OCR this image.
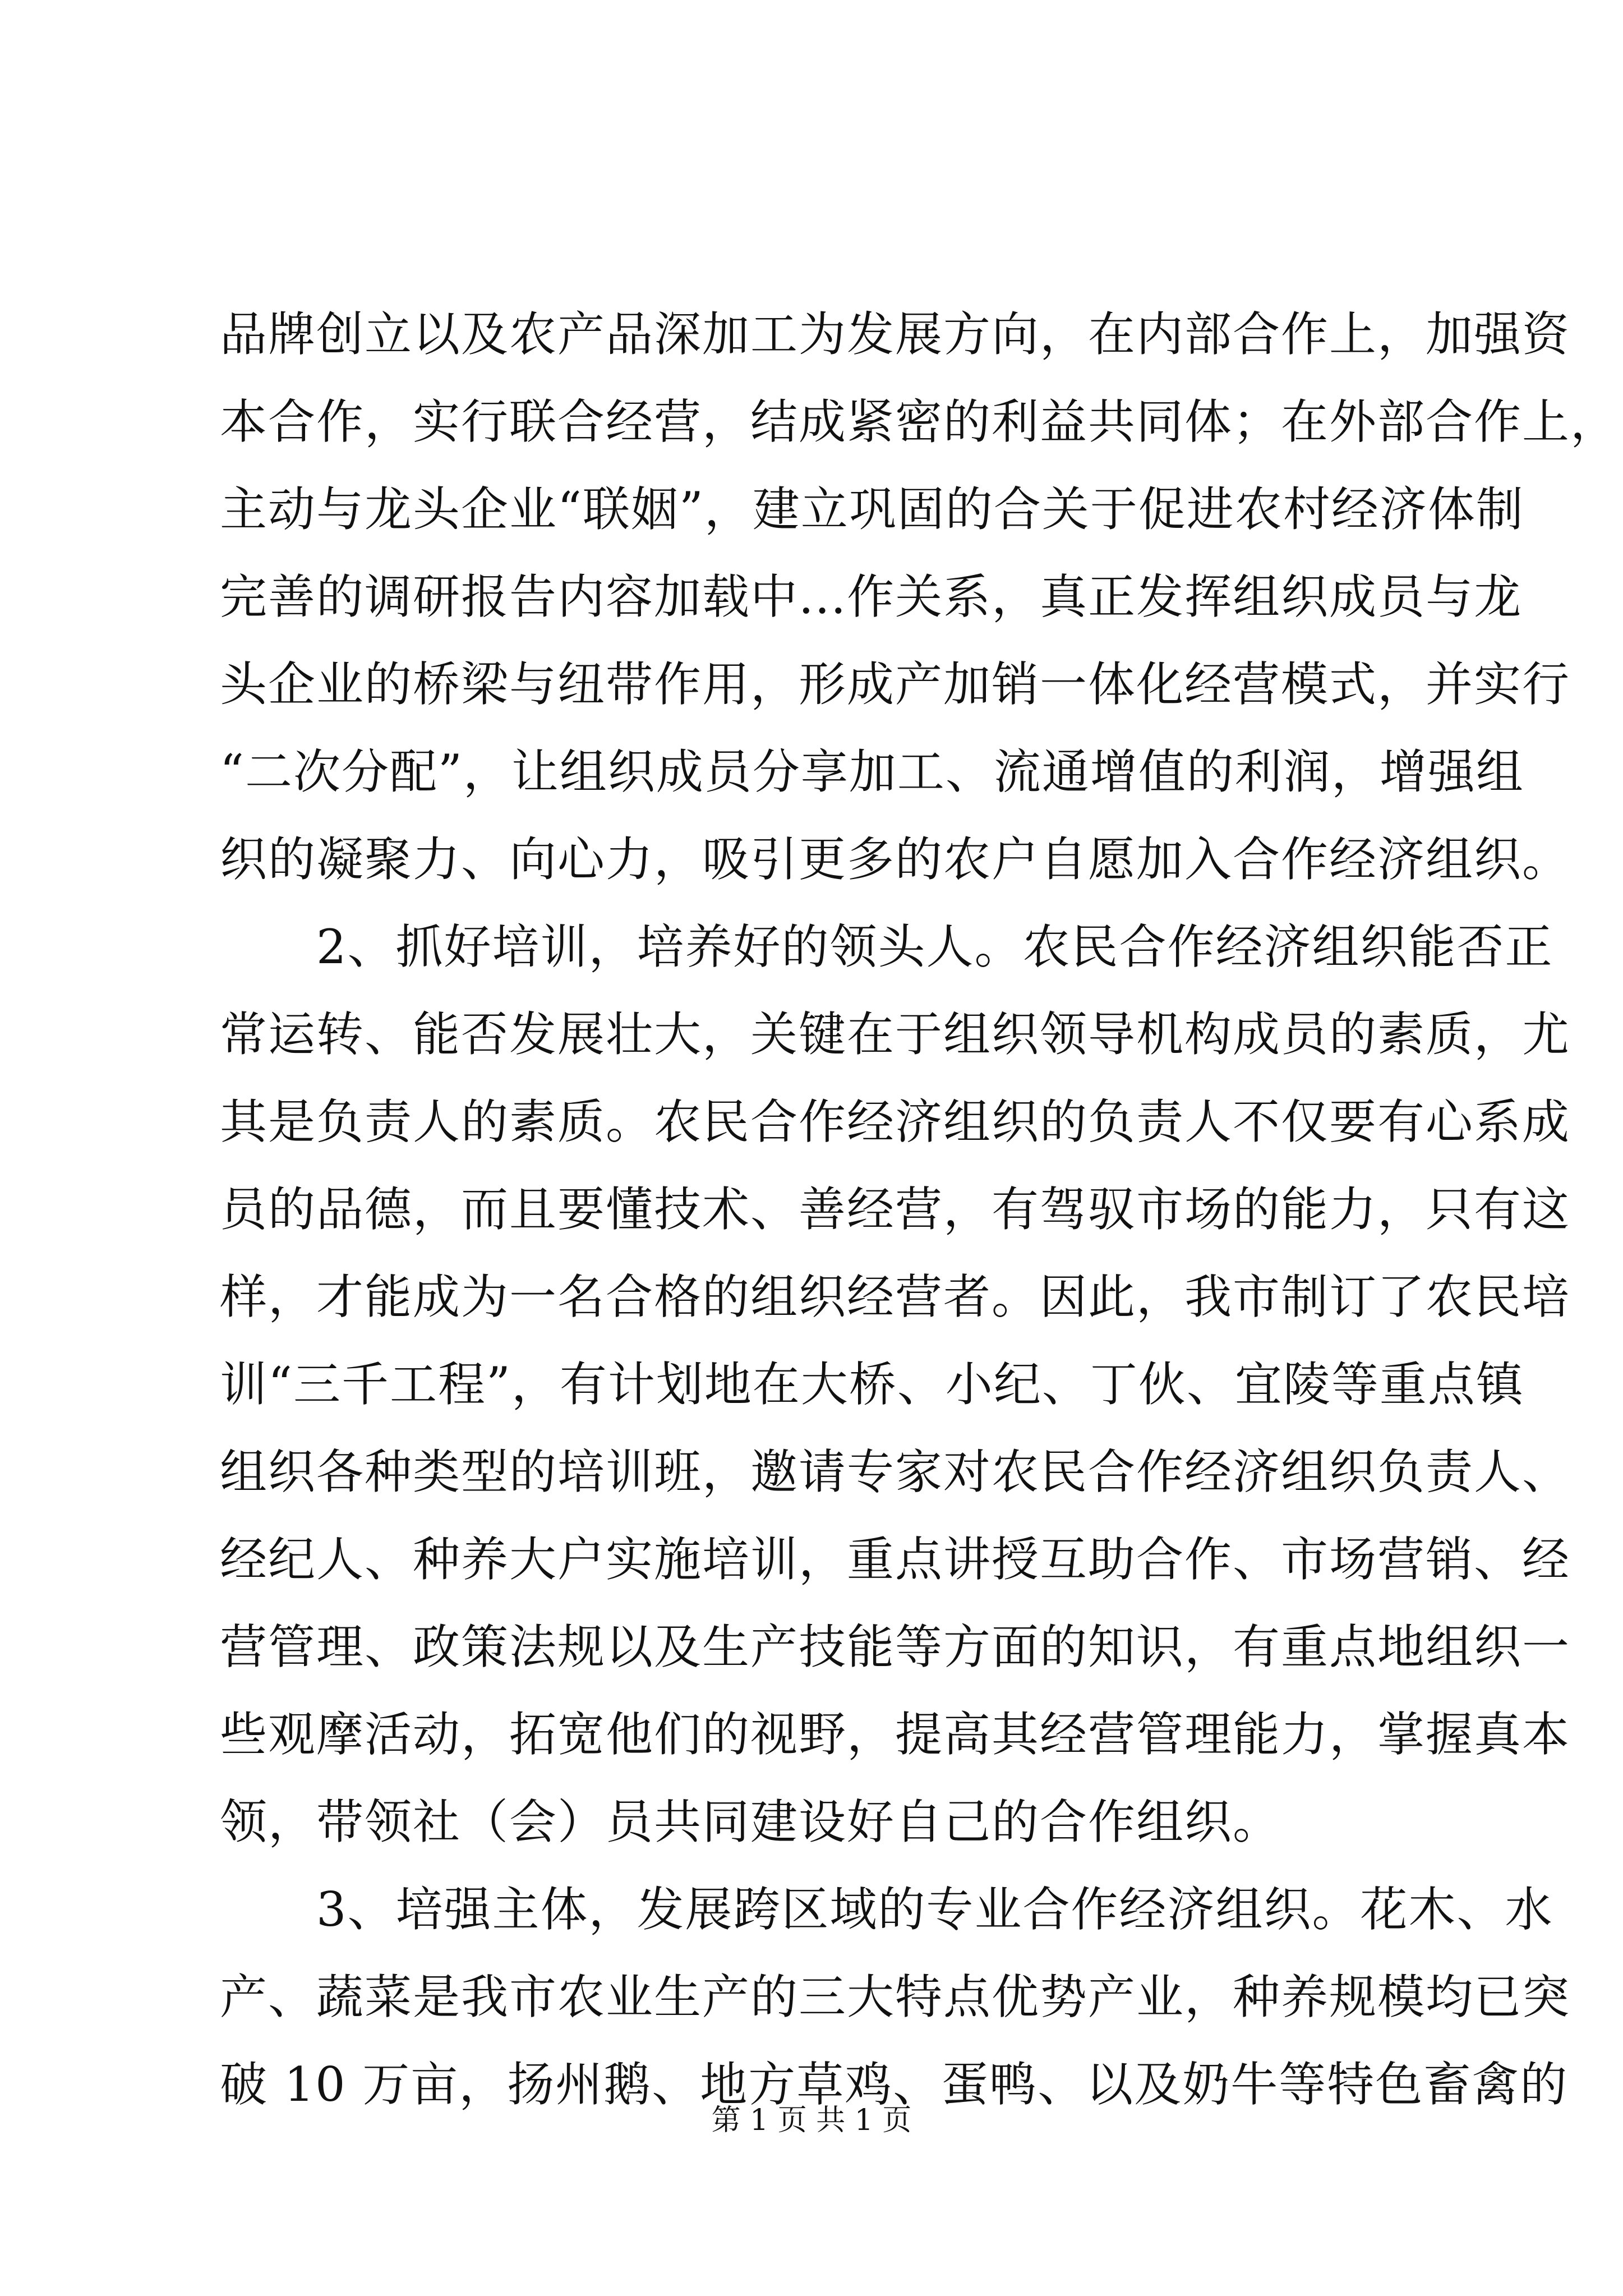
品牌创立以及农产品深加工为发展方向，在内部合作上，加强资
本合作，实行联合经营，结成紧密的利益共同体；在外部合作上，
主动与龙头企业“联姻”，建立巩固的合关于促进农村经济体制
完善的调研报告内容加载中...作关系，真正发挥组织成员与龙
头企业的桥梁与纽带作用，形成产加销一体化经营模式，并实行
“二次分配”，让组织成员分享加工、流通增值的利润，增强组
织的凝聚力、向心力，吸引更多的农户自愿加入合作经济组织。
　　2、抓好培训，培养好的领头人。农民合作经济组织能否正
常运转、能否发展壮大，关键在于组织领导机构成员的素质，尤
其是负责人的素质。农民合作经济组织的负责人不仅要有心系成
员的品德，而且要懂技术、善经营，有驾驭市场的能力，只有这
样，才能成为一名合格的组织经营者。因此，我市制订了农民培
训“三千工程”，有计划地在大桥、小纪、丁伙、宜陵等重点镇
组织各种类型的培训班，邀请专家对农民合作经济组织负责人、
经纪人、种养大户实施培训，重点讲授互助合作、市场营销、经
营管理、政策法规以及生产技能等方面的知识，有重点地组织一
些观摩活动，拓宽他们的视野，提高其经营管理能力，掌握真本
领，带领社（会）员共同建设好自己的合作组织。
　　3、培强主体，发展跨区域的专业合作经济组织。花木、水
产、蔬菜是我市农业生产的三大特点优势产业，种养规模均已突
破 10 万亩，扬州鹅、地方草鸡、蛋鸭、以及奶牛等特色畜禽的
第 1 页 共 1 页
